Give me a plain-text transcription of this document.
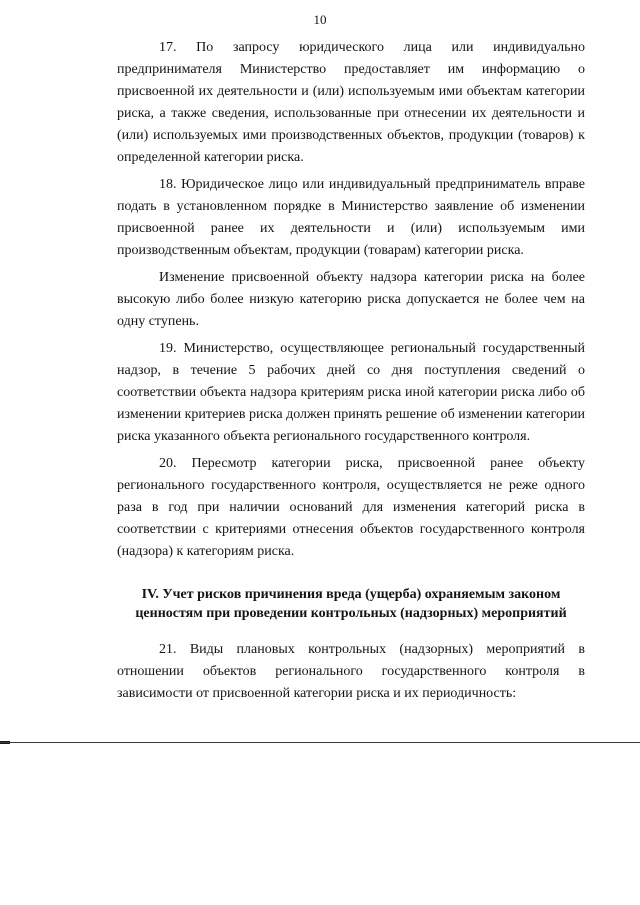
10

17. По запросу юридического лица или индивидуально предпринимателя Министерство предоставляет им информацию о присвоенной их деятельности и (или) используемым ими объектам категории риска, а также сведения, использованные при отнесении их деятельности и (или) используемых ими производственных объектов, продукции (товаров) к определенной категории риска.

18. Юридическое лицо или индивидуальный предприниматель вправе подать в установленном порядке в Министерство заявление об изменении присвоенной ранее их деятельности и (или) используемым ими производственным объектам, продукции (товарам) категории риска.

Изменение присвоенной объекту надзора категории риска на более высокую либо более низкую категорию риска допускается не более чем на одну ступень.

19. Министерство, осуществляющее региональный государственный надзор, в течение 5 рабочих дней со дня поступления сведений о соответствии объекта надзора критериям риска иной категории риска либо об изменении критериев риска должен принять решение об изменении категории риска указанного объекта регионального государственного контроля.

20. Пересмотр категории риска, присвоенной ранее объекту регионального государственного контроля, осуществляется не реже одного раза в год при наличии оснований для изменения категорий риска в соответствии с критериями отнесения объектов государственного контроля (надзора) к категориям риска.

IV. Учет рисков причинения вреда (ущерба) охраняемым законом ценностям при проведении контрольных (надзорных) мероприятий

21. Виды плановых контрольных (надзорных) мероприятий в отношении объектов регионального государственного контроля в зависимости от присвоенной категории риска и их периодичность:
